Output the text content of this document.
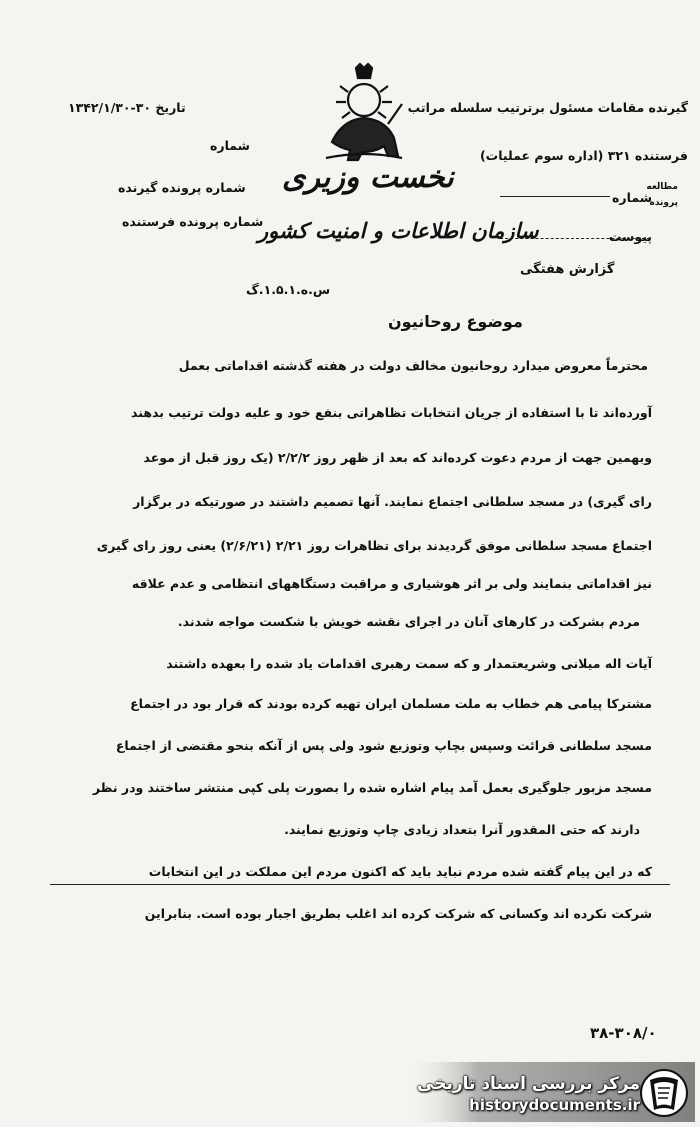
گیرنده مقامات مسئول برترتیب سلسله مراتب
فرستنده ۳۲۱ (اداره سوم عملیات)
شماره
مطالعه
پرونده
پیوست
تاریخ ۳۰-۱۳۴۲/۱/۳۰
شماره
شماره پرونده گیرنده
شماره پرونده فرستنده
نخست وزیری
سازمان اطلاعات و امنیت کشور
گزارش هفتگی
س.ه.۱.۵.۱.گ
موضوع روحانیون
محترماً معروض میدارد روحانیون مخالف دولت در هفته گذشته اقداماتی بعمل
آورده‌اند تا با استفاده از جریان انتخابات تظاهراتی بنفع خود و علیه دولت ترتیب بدهند
وبهمین جهت از مردم دعوت کرده‌اند که بعد از ظهر روز ۲/۲/۲ (یک روز قبل از موعد
رای گیری) در مسجد سلطانی اجتماع نمایند. آنها تصمیم داشتند در صورتیکه در برگزار
اجتماع مسجد سلطانی موفق گردیدند برای تظاهرات روز ۲/۲۱ (۲/۶/۲۱) یعنی روز رای گیری
نیز اقداماتی بنمایند ولی بر اثر هوشیاری و مراقبت دستگاههای انتظامی و عدم علاقه
مردم بشرکت در کارهای آنان در اجرای نقشه خویش با شکست مواجه شدند.
آیات اله میلانی وشریعتمدار و که سمت رهبری اقدامات یاد شده را بعهده داشتند
مشترکا پیامی هم خطاب به ملت مسلمان ایران تهیه کرده بودند که قرار بود در اجتماع
مسجد سلطانی قرائت وسپس بچاپ وتوزیع شود ولی پس از آنکه بنحو مقتضی از اجتماع
مسجد مزبور جلوگیری بعمل آمد پیام اشاره شده را بصورت پلی کپی منتشر ساختند ودر نظر
دارند که حتی المقدور آنرا بتعداد زیادی چاپ وتوزیع نمایند.
که در این پیام گفته شده مردم نباید باید که اکنون مردم این مملکت در این انتخابات
شرکت نکرده اند وکسانی که شرکت کرده اند اغلب بطریق اجبار بوده است. بنابراین
۳۸-۳۰۸/۰
مرکز بررسی اسناد تاریخی
historydocuments.ir
